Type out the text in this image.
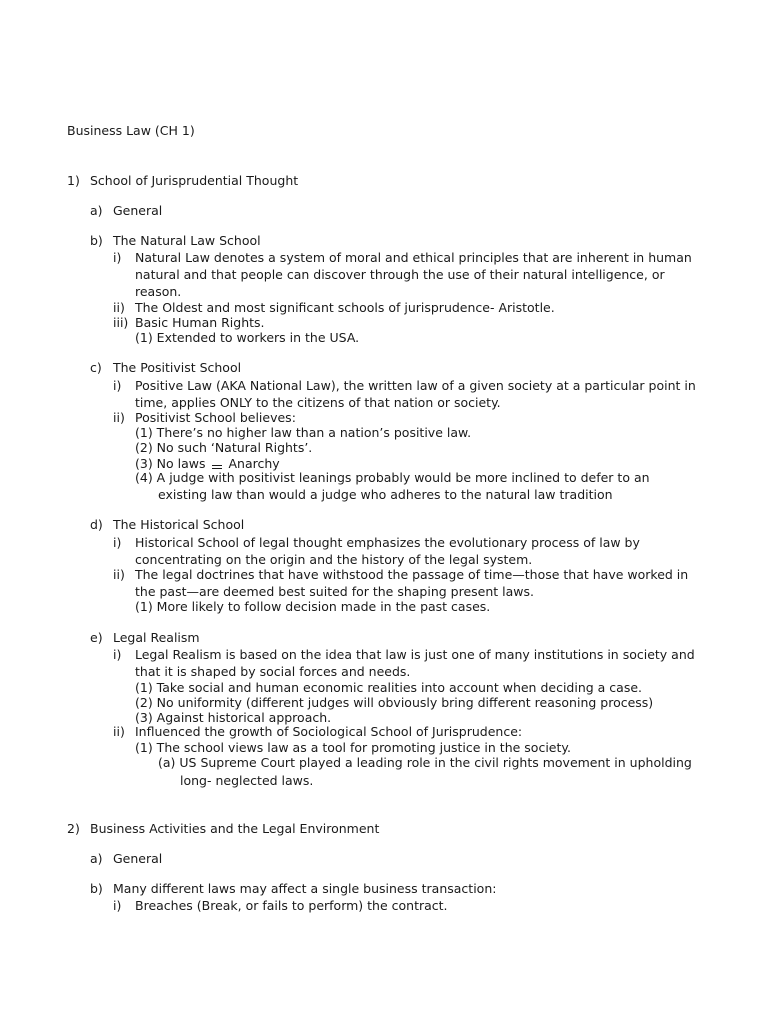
Business Law (CH 1)
1) School of Jurisprudential Thought
a) General
b) The Natural Law School
i) Natural Law denotes a system of moral and ethical principles that are inherent in human
natural and that people can discover through the use of their natural intelligence, or
reason.
ii) The Oldest and most significant schools of jurisprudence- Aristotle.
iii) Basic Human Rights.
(1) Extended to workers in the USA.
c) The Positivist School
i) Positive Law (AKA National Law), the written law of a given society at a particular point in
time, applies ONLY to the citizens of that nation or society.
ii) Positivist School believes:
(1) There’s no higher law than a nation’s positive law.
(2) No such ‘Natural Rights’.
(3) No laws Anarchy
(4) A judge with positivist leanings probably would be more inclined to defer to an
existing law than would a judge who adheres to the natural law tradition
d) The Historical School
i) Historical School of legal thought emphasizes the evolutionary process of law by
concentrating on the origin and the history of the legal system.
ii) The legal doctrines that have withstood the passage of time—those that have worked in
the past—are deemed best suited for the shaping present laws.
(1) More likely to follow decision made in the past cases.
e) Legal Realism
i) Legal Realism is based on the idea that law is just one of many institutions in society and
that it is shaped by social forces and needs.
(1) Take social and human economic realities into account when deciding a case.
(2) No uniformity (different judges will obviously bring different reasoning process)
(3) Against historical approach.
ii) Influenced the growth of Sociological School of Jurisprudence:
(1) The school views law as a tool for promoting justice in the society.
(a) US Supreme Court played a leading role in the civil rights movement in upholding
long- neglected laws.
2) Business Activities and the Legal Environment
a) General
b) Many different laws may affect a single business transaction:
i) Breaches (Break, or fails to perform) the contract.
